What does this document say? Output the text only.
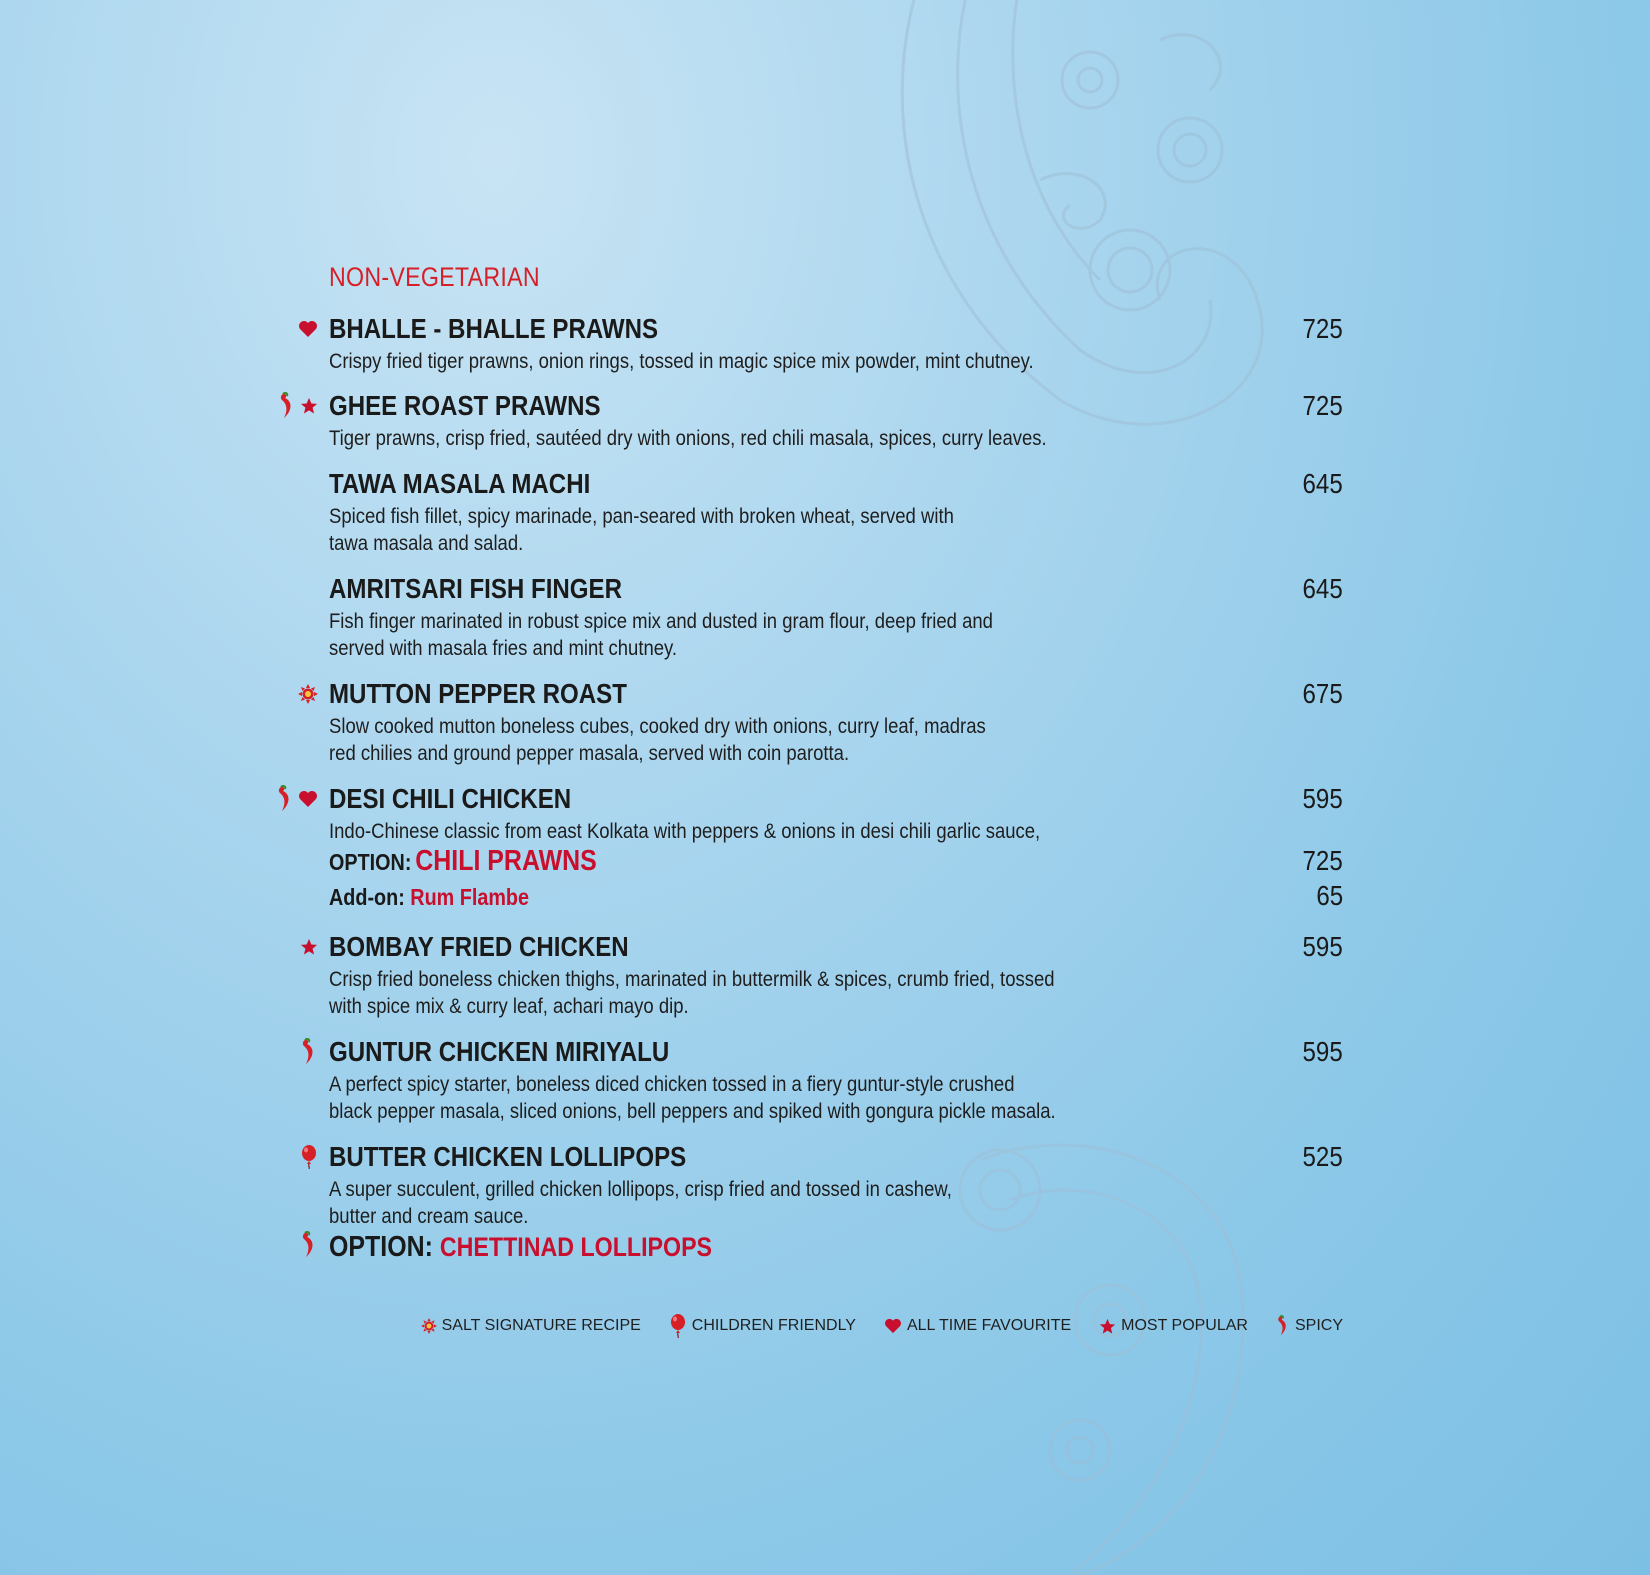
NON-VEGETARIAN
BHALLE - BHALLE PRAWNS	725
Crispy fried tiger prawns, onion rings, tossed in magic spice mix powder, mint chutney.
GHEE ROAST PRAWNS	725
Tiger prawns, crisp fried, sautéed dry with onions, red chili masala, spices, curry leaves.
TAWA MASALA MACHI	645
Spiced fish fillet, spicy marinade, pan-seared with broken wheat, served with
tawa masala and salad.
AMRITSARI FISH FINGER	645
Fish finger marinated in robust spice mix and dusted in gram flour, deep fried and
served with masala fries and mint chutney.
MUTTON PEPPER ROAST	675
Slow cooked mutton boneless cubes, cooked dry with onions, curry leaf, madras
red chilies and ground pepper masala, served with coin parotta.
DESI CHILI CHICKEN	595
Indo-Chinese classic from east Kolkata with peppers & onions in desi chili garlic sauce,
OPTION: CHILI PRAWNS	725
Add-on: Rum Flambe	65
BOMBAY FRIED CHICKEN	595
Crisp fried boneless chicken thighs, marinated in buttermilk & spices, crumb fried, tossed
with spice mix & curry leaf, achari mayo dip.
GUNTUR CHICKEN MIRIYALU	595
A perfect spicy starter, boneless diced chicken tossed in a fiery guntur-style crushed
black pepper masala, sliced onions, bell peppers and spiked with gongura pickle masala.
BUTTER CHICKEN LOLLIPOPS	525
A super succulent, grilled chicken lollipops, crisp fried and tossed in cashew,
butter and cream sauce.
OPTION: CHETTINAD LOLLIPOPS
SALT SIGNATURE RECIPE	CHILDREN FRIENDLY	ALL TIME FAVOURITE	MOST POPULAR	SPICY
